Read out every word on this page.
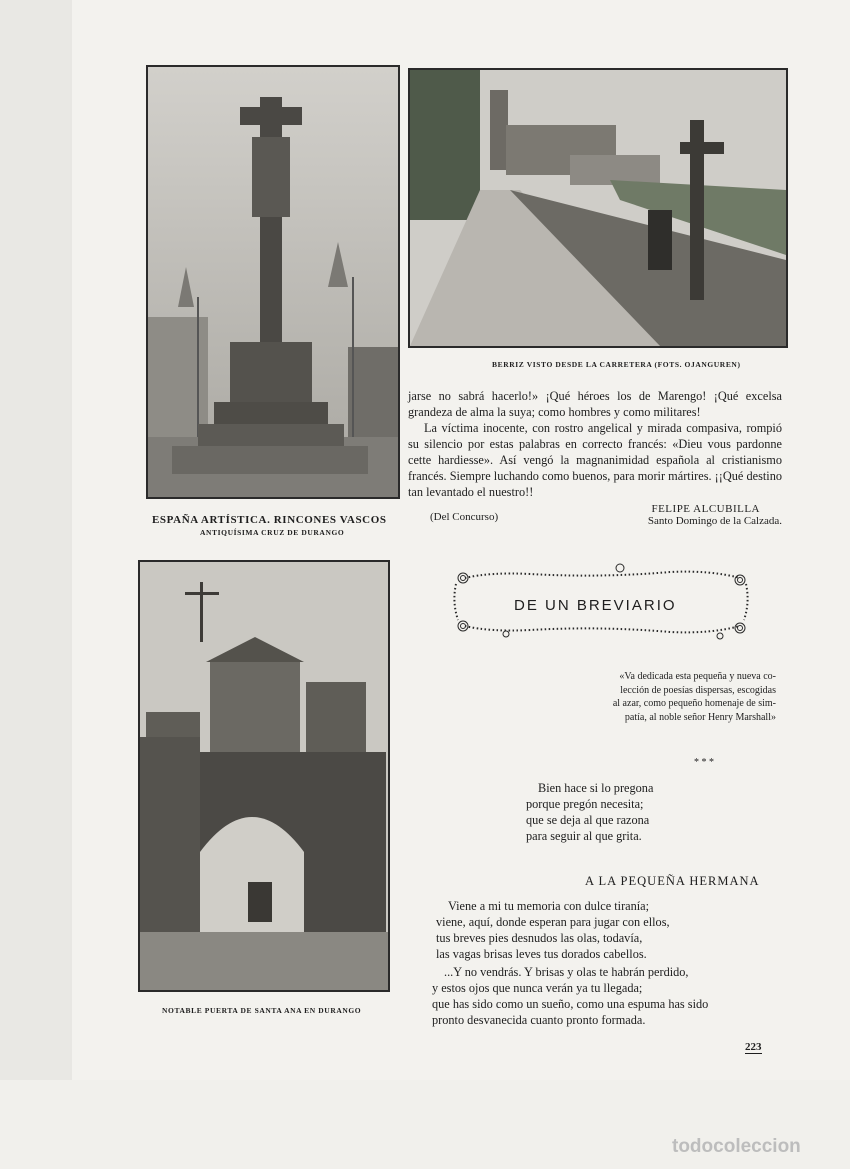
BERRIZ VISTO DESDE LA CARRETERA (FOTS. OJANGUREN)

jarse no sabrá hacerlo!» ¡Qué héroes los de Marengo! ¡Qué excelsa grandeza de alma la suya; como hombres y como militares!

La víctima inocente, con rostro angelical y mirada compasiva, rompió su silencio por estas palabras en correcto francés: «Dieu vous pardonne cette hardiesse». Así vengó la magnanimidad española al cristianismo francés. Siempre luchando como buenos, para morir mártires. ¡¡Qué destino tan levantado el nuestro!!

FELIPE ALCUBILLA
Santo Domingo de la Calzada.
(Del Concurso)
ESPAÑA ARTÍSTICA. RINCONES VASCOS
ANTIQUÍSIMA CRUZ DE DURANGO
NOTABLE PUERTA DE SANTA ANA EN DURANGO
DE UN BREVIARIO
«Va dedicada esta pequeña y nueva co-
lección de poesías dispersas, escogidas
al azar, como pequeño homenaje de sim-
patía, al noble señor Henry Marshall»
* * *
Bien hace si lo pregona
porque pregón necesita;
que se deja al que razona
para seguir al que grita.
A LA PEQUEÑA HERMANA
Viene a mi tu memoria con dulce tiranía;
viene, aquí, donde esperan para jugar con ellos,
tus breves pies desnudos las olas, todavía,
las vagas brisas leves tus dorados cabellos.
...Y no vendrás. Y brisas y olas te habrán perdido,
y estos ojos que nunca verán ya tu llegada;
que has sido como un sueño, como una espuma has sido
pronto desvanecida cuanto pronto formada.
223
todocoleccion
